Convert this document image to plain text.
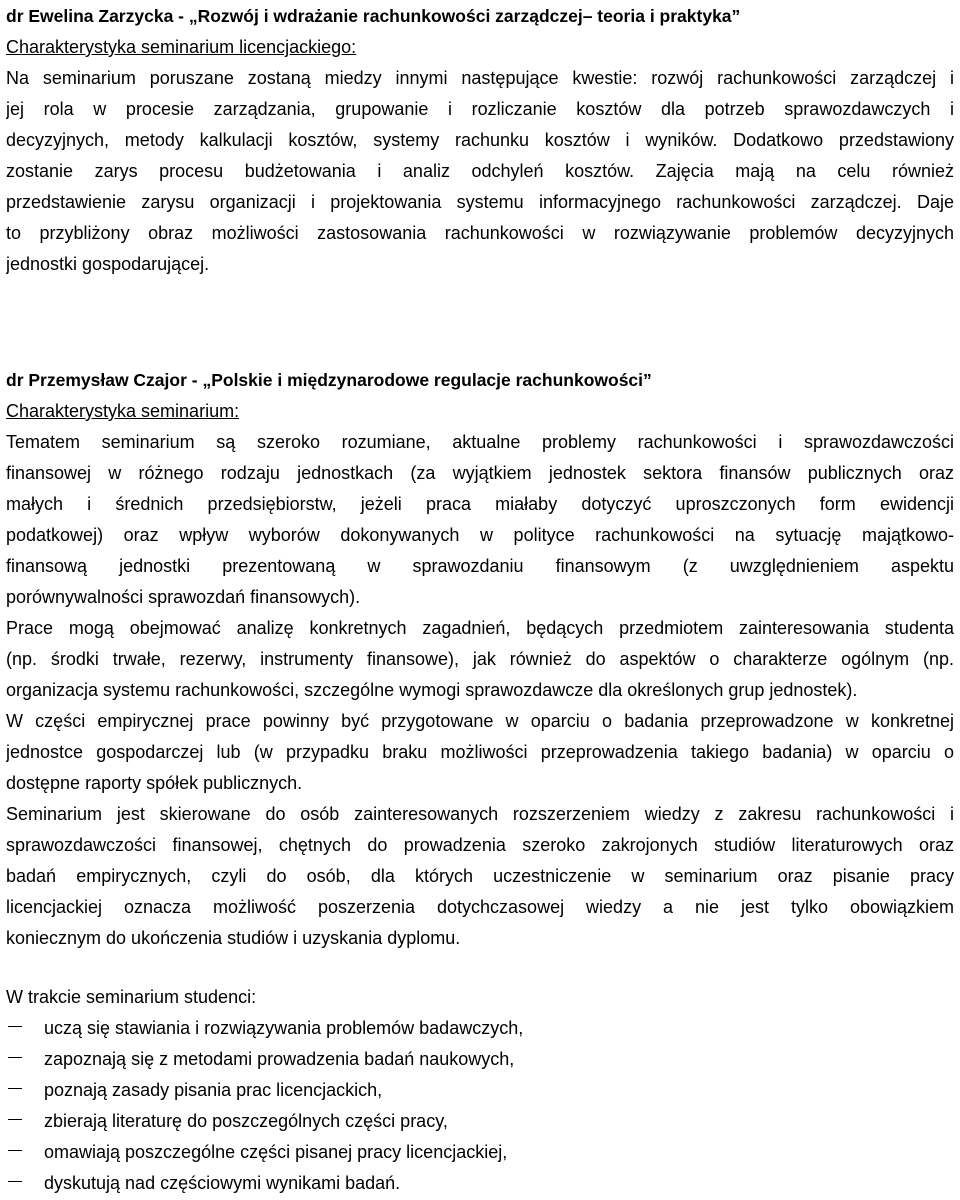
dr Ewelina Zarzycka - „Rozwój i wdrażanie rachunkowości zarządczej– teoria i praktyka”
Charakterystyka seminarium licencjackiego:
Na seminarium poruszane zostaną miedzy innymi następujące kwestie: rozwój rachunkowości zarządczej i
jej rola w procesie zarządzania, grupowanie i rozliczanie kosztów dla potrzeb sprawozdawczych i
decyzyjnych, metody kalkulacji kosztów, systemy rachunku kosztów i wyników. Dodatkowo przedstawiony
zostanie zarys procesu budżetowania i analiz odchyleń kosztów. Zajęcia mają na celu również
przedstawienie zarysu organizacji i projektowania systemu informacyjnego rachunkowości zarządczej. Daje
to przybliżony obraz możliwości zastosowania rachunkowości w rozwiązywanie problemów decyzyjnych
jednostki gospodarującej.
dr Przemysław Czajor - „Polskie i międzynarodowe regulacje rachunkowości”
Charakterystyka seminarium:
Tematem seminarium są szeroko rozumiane, aktualne problemy rachunkowości i sprawozdawczości
finansowej w różnego rodzaju jednostkach (za wyjątkiem jednostek sektora finansów publicznych oraz
małych i średnich przedsiębiorstw, jeżeli praca miałaby dotyczyć uproszczonych form ewidencji
podatkowej) oraz wpływ wyborów dokonywanych w polityce rachunkowości na sytuację majątkowo-
finansową jednostki prezentowaną w sprawozdaniu finansowym (z uwzględnieniem aspektu
porównywalności sprawozdań finansowych).
Prace mogą obejmować analizę konkretnych zagadnień, będących przedmiotem zainteresowania studenta
(np. środki trwałe, rezerwy, instrumenty finansowe), jak również do aspektów o charakterze ogólnym (np.
organizacja systemu rachunkowości, szczególne wymogi sprawozdawcze dla określonych grup jednostek).
W części empirycznej prace powinny być przygotowane w oparciu o badania przeprowadzone w konkretnej
jednostce gospodarczej lub (w przypadku braku możliwości przeprowadzenia takiego badania) w oparciu o
dostępne raporty spółek publicznych.
Seminarium jest skierowane do osób zainteresowanych rozszerzeniem wiedzy z zakresu rachunkowości i
sprawozdawczości finansowej, chętnych do prowadzenia szeroko zakrojonych studiów literaturowych oraz
badań empirycznych, czyli do osób, dla których uczestniczenie w seminarium oraz pisanie pracy
licencjackiej oznacza możliwość poszerzenia dotychczasowej wiedzy a nie jest tylko obowiązkiem
koniecznym do ukończenia studiów i uzyskania dyplomu.
W trakcie seminarium studenci:
uczą się stawiania i rozwiązywania problemów badawczych,
zapoznają się z metodami prowadzenia badań naukowych,
poznają zasady pisania prac licencjackich,
zbierają literaturę do poszczególnych części pracy,
omawiają poszczególne części pisanej pracy licencjackiej,
dyskutują nad częściowymi wynikami badań.
